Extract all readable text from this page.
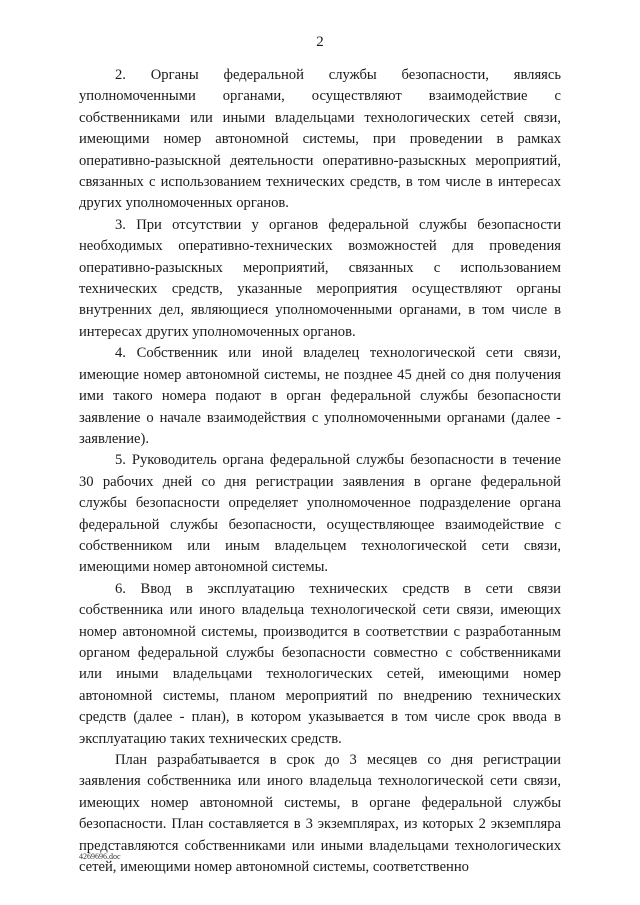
2

2. Органы федеральной службы безопасности, являясь уполномоченными органами, осуществляют взаимодействие с собственниками или иными владельцами технологических сетей связи, имеющими номер автономной системы, при проведении в рамках оперативно-разыскной деятельности оперативно-разыскных мероприятий, связанных с использованием технических средств, в том числе в интересах других уполномоченных органов.

3. При отсутствии у органов федеральной службы безопасности необходимых оперативно-технических возможностей для проведения оперативно-разыскных мероприятий, связанных с использованием технических средств, указанные мероприятия осуществляют органы внутренних дел, являющиеся уполномоченными органами, в том числе в интересах других уполномоченных органов.

4. Собственник или иной владелец технологической сети связи, имеющие номер автономной системы, не позднее 45 дней со дня получения ими такого номера подают в орган федеральной службы безопасности заявление о начале взаимодействия с уполномоченными органами (далее - заявление).

5. Руководитель органа федеральной службы безопасности в течение 30 рабочих дней со дня регистрации заявления в органе федеральной службы безопасности определяет уполномоченное подразделение органа федеральной службы безопасности, осуществляющее взаимодействие с собственником или иным владельцем технологической сети связи, имеющими номер автономной системы.

6. Ввод в эксплуатацию технических средств в сети связи собственника или иного владельца технологической сети связи, имеющих номер автономной системы, производится в соответствии с разработанным органом федеральной службы безопасности совместно с собственниками или иными владельцами технологических сетей, имеющими номер автономной системы, планом мероприятий по внедрению технических средств (далее - план), в котором указывается в том числе срок ввода в эксплуатацию таких технических средств.

План разрабатывается в срок до 3 месяцев со дня регистрации заявления собственника или иного владельца технологической сети связи, имеющих номер автономной системы, в органе федеральной службы безопасности. План составляется в 3 экземплярах, из которых 2 экземпляра представляются собственниками или иными владельцами технологических сетей, имеющими номер автономной системы, соответственно

4269696.doc
